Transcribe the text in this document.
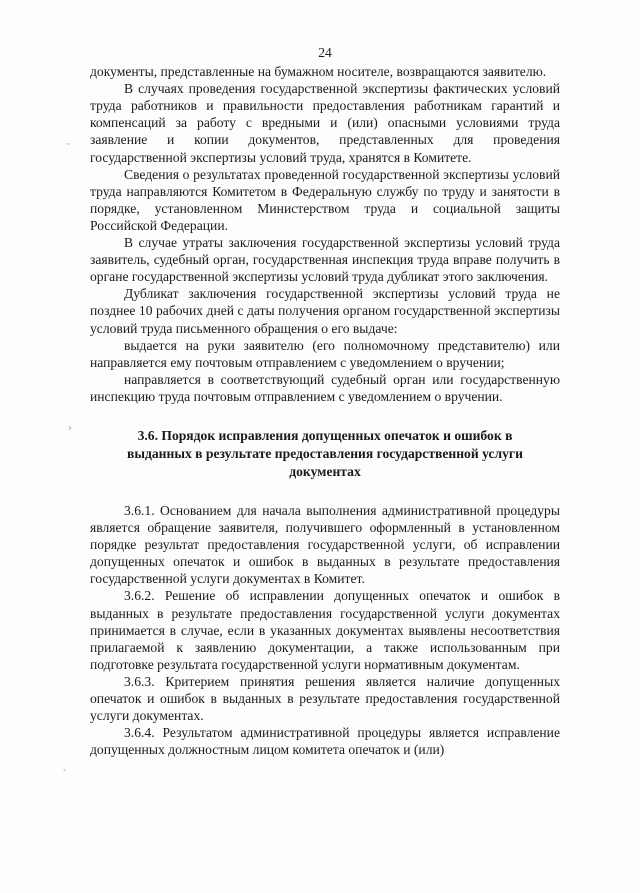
˘
›
˛
24

документы, представленные на бумажном носителе, возвращаются заявителю.

В случаях проведения государственной экспертизы фактических условий труда работников и правильности предоставления работникам гарантий и компенсаций за работу с вредными и (или) опасными условиями труда заявление и копии документов, представленных для проведения государственной экспертизы условий труда, хранятся в Комитете.

Сведения о результатах проведенной государственной экспертизы условий труда направляются Комитетом в Федеральную службу по труду и занятости в порядке, установленном Министерством труда и социальной защиты Российской Федерации.

В случае утраты заключения государственной экспертизы условий труда заявитель, судебный орган, государственная инспекция труда вправе получить в органе государственной экспертизы условий труда дубликат этого заключения.

Дубликат заключения государственной экспертизы условий труда не позднее 10 рабочих дней с даты получения органом государственной экспертизы условий труда письменного обращения о его выдаче:

выдается на руки заявителю (его полномочному представителю) или направляется ему почтовым отправлением с уведомлением о вручении;

направляется в соответствующий судебный орган или государственную инспекцию труда почтовым отправлением с уведомлением о вручении.

3.6. Порядок исправления допущенных опечаток и ошибок в выданных в результате предоставления государственной услуги документах

3.6.1. Основанием для начала выполнения административной процедуры является обращение заявителя, получившего оформленный в установленном порядке результат предоставления государственной услуги, об исправлении допущенных опечаток и ошибок в выданных в результате предоставления государственной услуги документах в Комитет.

3.6.2. Решение об исправлении допущенных опечаток и ошибок в выданных в результате предоставления государственной услуги документах принимается в случае, если в указанных документах выявлены несоответствия прилагаемой к заявлению документации, а также использованным при подготовке результата государственной услуги нормативным документам.

3.6.3. Критерием принятия решения является наличие допущенных опечаток и ошибок в выданных в результате предоставления государственной услуги документах.

3.6.4. Результатом административной процедуры является исправление допущенных должностным лицом комитета опечаток и (или)
